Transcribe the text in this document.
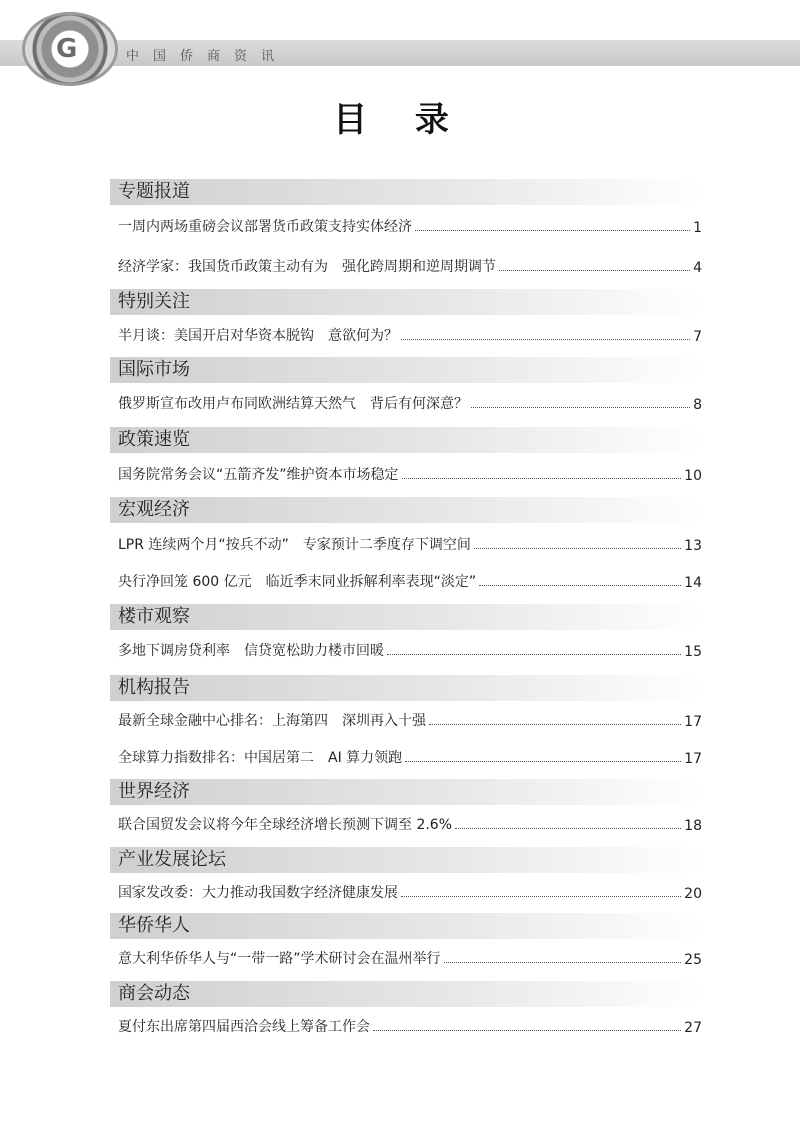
中国侨商资讯
G
目 录
专题报道
一周内两场重磅会议部署货币政策支持实体经济	1
经济学家：我国货币政策主动有为　强化跨周期和逆周期调节	4
特别关注
半月谈：美国开启对华资本脱钩　意欲何为？	7
国际市场
俄罗斯宣布改用卢布同欧洲结算天然气　背后有何深意？	8
政策速览
国务院常务会议“五箭齐发”维护资本市场稳定	10
宏观经济
LPR 连续两个月“按兵不动”　专家预计二季度存下调空间	13
央行净回笼 600 亿元　临近季末同业拆解利率表现“淡定”	14
楼市观察
多地下调房贷利率　信贷宽松助力楼市回暖	15
机构报告
最新全球金融中心排名：上海第四　深圳再入十强	17
全球算力指数排名：中国居第二　AI 算力领跑	17
世界经济
联合国贸发会议将今年全球经济增长预测下调至 2.6%	18
产业发展论坛
国家发改委：大力推动我国数字经济健康发展	20
华侨华人
意大利华侨华人与“一带一路”学术研讨会在温州举行	25
商会动态
夏付东出席第四届西洽会线上筹备工作会	27
